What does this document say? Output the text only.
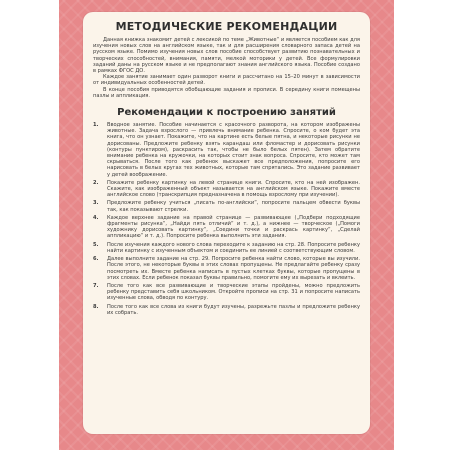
МЕТОДИЧЕСКИЕ РЕКОМЕНДАЦИИ

Данная книжка знакомит детей с лексикой по теме „Животные“ и является пособием как для изучения новых слов на английском языке, так и для расширения словарного запаса детей на русском языке. Помимо изучения новых слов пособие способствует развитию познавательных и творческих способностей, внимания, памяти, мелкой моторики у детей. Все формулировки заданий даны на русском языке и не предполагают знания английского языка. Пособие создано в рамках ФГОС ДО.

Каждое занятие занимает один разворот книги и рассчитано на 15–20 минут в зависимости от индивидуальных особенностей детей.

В конце пособия приводятся обобщающие задания и прописи. В середину книги помещены пазлы и аппликация.

Рекомендации к построению занятий
1.	Вводное занятие. Пособие начинается с красочного разворота, на котором изображены животные. Задача взрослого — привлечь внимание ребенка. Спросите, о ком будет эта книга, что он узнает. Покажите, что на картине есть белые пятна, и некоторые рисунки не дорисованы. Предложите ребенку взять карандаш или фломастер и дорисовать рисунки (контуры пунктиром), раскрасить так, чтобы не было белых пятен). Затем обратите внимание ребенка на кружочки, на которых стоит знак вопроса. Спросите, кто может там скрываться. После того как ребенок выскажет все предположения, попросите его нарисовать в белых кругах тех животных, которые там спрятались. Это задание развивает у детей воображение.
2.	Покажите ребенку картинку на левой странице книги. Спросите, кто на ней изображен. Скажите, как изображенный объект называется на английском языке. Покажите вместе английское слово (транскрипция предназначена в помощь взрослому при изучении).
3.	Предложите ребенку учиться „писать по-английски“, попросите пальцем обвести буквы так, как показывают стрелки.
4.	Каждое верхнее задание на правой странице — развивающее („Подбери подходящие фрагменты рисунка“, „Найди пять отличий“ и т. д.), а нижнее — творческое („Помоги художнику дорисовать картинку“, „Соедини точки и раскрась картинку“, „Сделай аппликацию“ и т. д.). Попросите ребенка выполнить эти задания.
5.	После изучения каждого нового слова переходите к заданию на стр. 28. Попросите ребенку найти картинку с изученным объектом и соединить ее линией с соответствующим словом.
6.	Далее выполните задание на стр. 29. Попросите ребенка найти слово, которые вы изучили. После этого, не некоторые буквы в этих словах пропущены. Не предлагайте ребенку сразу посмотреть их. Вместе ребенка написать в пустых клетках буквы, которые пропущены в этих словах. Если ребенок показал буквы правильно, помогите ему их вырезать и вклеить.
7.	После того как все развивающие и творческие этапы пройдены, можно предложить ребенку представить себя школьником. Откройте прописи на стр. 31 и попросите написать изученные слова, обводя по контуру.
8.	После того как все слова из книги будут изучены, разрежьте пазлы и предложите ребенку их собрать.
